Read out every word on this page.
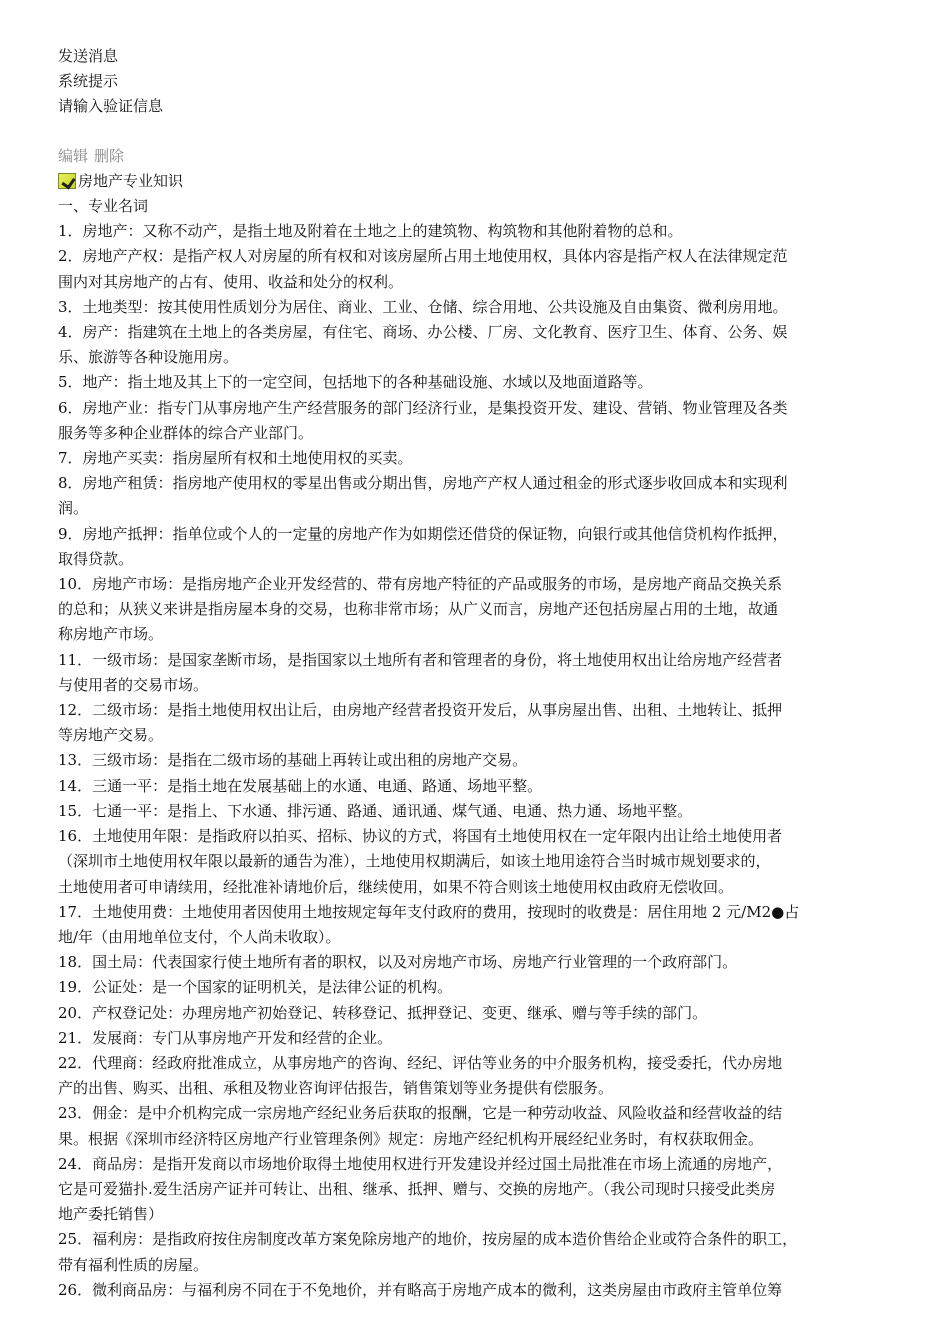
发送消息
系统提示
请输入验证信息
编辑 删除
房地产专业知识
一、专业名词
1．房地产：又称不动产，是指土地及附着在土地之上的建筑物、构筑物和其他附着物的总和。
2．房地产产权：是指产权人对房屋的所有权和对该房屋所占用土地使用权，具体内容是指产权人在法律规定范
围内对其房地产的占有、使用、收益和处分的权利。
3．土地类型：按其使用性质划分为居住、商业、工业、仓储、综合用地、公共设施及自由集资、微利房用地。
4．房产：指建筑在土地上的各类房屋，有住宅、商场、办公楼、厂房、文化教育、医疗卫生、体育、公务、娱
乐、旅游等各种设施用房。
5．地产：指土地及其上下的一定空间，包括地下的各种基础设施、水域以及地面道路等。
6．房地产业：指专门从事房地产生产经营服务的部门经济行业，是集投资开发、建设、营销、物业管理及各类
服务等多种企业群体的综合产业部门。
7．房地产买卖：指房屋所有权和土地使用权的买卖。
8．房地产租赁：指房地产使用权的零星出售或分期出售，房地产产权人通过租金的形式逐步收回成本和实现利
润。
9．房地产抵押：指单位或个人的一定量的房地产作为如期偿还借贷的保证物，向银行或其他信贷机构作抵押，
取得贷款。
10．房地产市场：是指房地产企业开发经营的、带有房地产特征的产品或服务的市场，是房地产商品交换关系
的总和；从狭义来讲是指房屋本身的交易，也称非常市场；从广义而言，房地产还包括房屋占用的土地，故通
称房地产市场。
11．一级市场：是国家垄断市场，是指国家以土地所有者和管理者的身份，将土地使用权出让给房地产经营者
与使用者的交易市场。
12．二级市场：是指土地使用权出让后，由房地产经营者投资开发后，从事房屋出售、出租、土地转让、抵押
等房地产交易。
13．三级市场：是指在二级市场的基础上再转让或出租的房地产交易。
14．三通一平：是指土地在发展基础上的水通、电通、路通、场地平整。
15．七通一平：是指上、下水通、排污通、路通、通讯通、煤气通、电通、热力通、场地平整。
16．土地使用年限：是指政府以拍买、招标、协议的方式，将国有土地使用权在一定年限内出让给土地使用者
（深圳市土地使用权年限以最新的通告为准），土地使用权期满后，如该土地用途符合当时城市规划要求的，
土地使用者可申请续用，经批准补请地价后，继续使用，如果不符合则该土地使用权由政府无偿收回。
17．土地使用费：土地使用者因使用土地按规定每年支付政府的费用，按现时的收费是：居住用地 2 元/M2●占
地/年（由用地单位支付，个人尚未收取）。
18．国土局：代表国家行使土地所有者的职权，以及对房地产市场、房地产行业管理的一个政府部门。
19．公证处：是一个国家的证明机关，是法律公证的机构。
20．产权登记处：办理房地产初始登记、转移登记、抵押登记、变更、继承、赠与等手续的部门。
21．发展商：专门从事房地产开发和经营的企业。
22．代理商：经政府批准成立，从事房地产的咨询、经纪、评估等业务的中介服务机构，接受委托，代办房地
产的出售、购买、出租、承租及物业咨询评估报告，销售策划等业务提供有偿服务。
23．佣金：是中介机构完成一宗房地产经纪业务后获取的报酬，它是一种劳动收益、风险收益和经营收益的结
果。根据《深圳市经济特区房地产行业管理条例》规定：房地产经纪机构开展经纪业务时，有权获取佣金。
24．商品房：是指开发商以市场地价取得土地使用权进行开发建设并经过国土局批准在市场上流通的房地产，
它是可爱猫扑.爱生活房产证并可转让、出租、继承、抵押、赠与、交换的房地产。（我公司现时只接受此类房
地产委托销售）
25．福利房：是指政府按住房制度改革方案免除房地产的地价，按房屋的成本造价售给企业或符合条件的职工，
带有福利性质的房屋。
26．微利商品房：与福利房不同在于不免地价，并有略高于房地产成本的微利，这类房屋由市政府主管单位筹
